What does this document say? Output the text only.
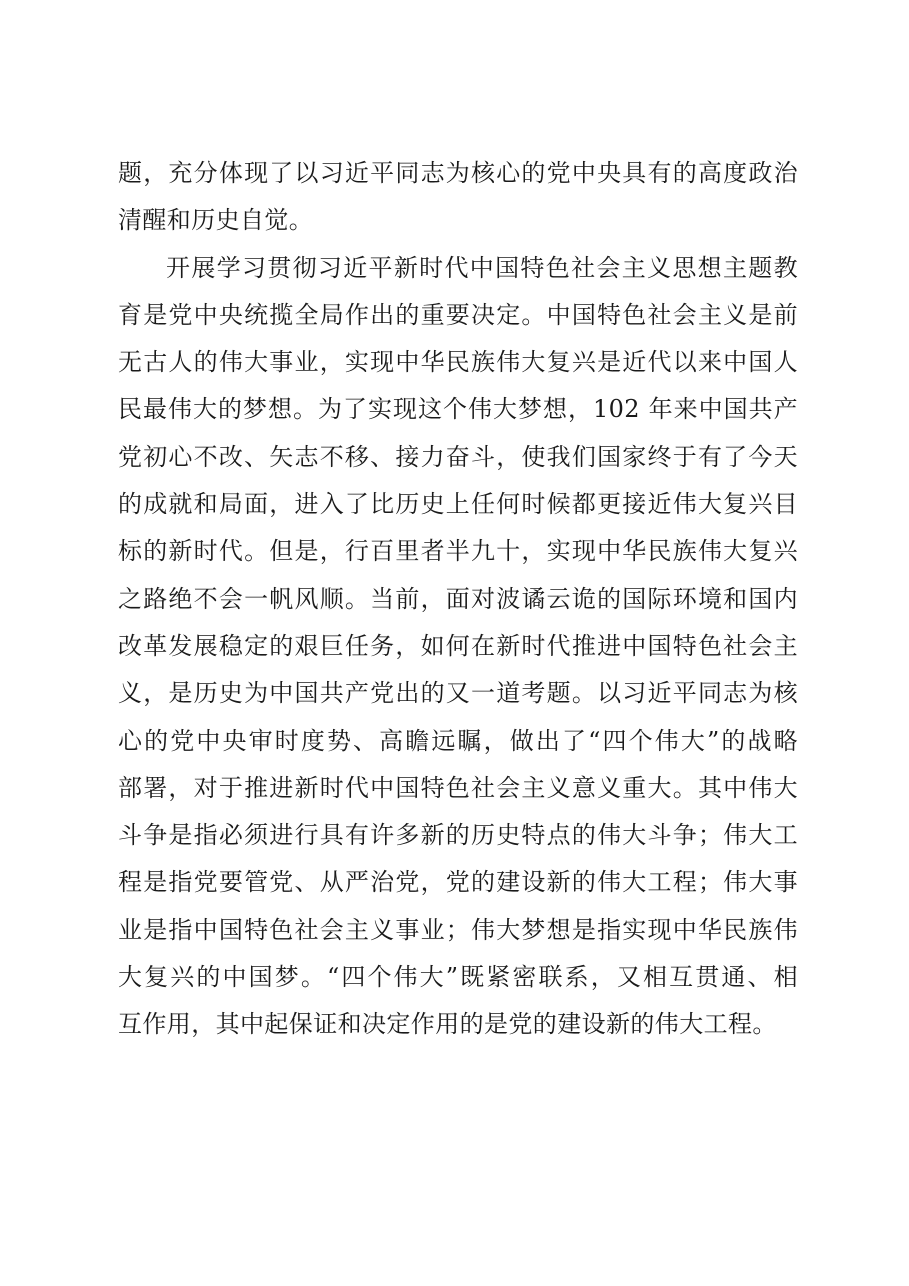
题，充分体现了以习近平同志为核心的党中央具有的高度政治
清醒和历史自觉。
开展学习贯彻习近平新时代中国特色社会主义思想主题教
育是党中央统揽全局作出的重要决定。中国特色社会主义是前
无古人的伟大事业，实现中华民族伟大复兴是近代以来中国人
民最伟大的梦想。为了实现这个伟大梦想，102 年来中国共产
党初心不改、矢志不移、接力奋斗，使我们国家终于有了今天
的成就和局面，进入了比历史上任何时候都更接近伟大复兴目
标的新时代。但是，行百里者半九十，实现中华民族伟大复兴
之路绝不会一帆风顺。当前，面对波谲云诡的国际环境和国内
改革发展稳定的艰巨任务，如何在新时代推进中国特色社会主
义，是历史为中国共产党出的又一道考题。以习近平同志为核
心的党中央审时度势、高瞻远瞩，做出了“四个伟大”的战略
部署，对于推进新时代中国特色社会主义意义重大。其中伟大
斗争是指必须进行具有许多新的历史特点的伟大斗争；伟大工
程是指党要管党、从严治党，党的建设新的伟大工程；伟大事
业是指中国特色社会主义事业；伟大梦想是指实现中华民族伟
大复兴的中国梦。“四个伟大”既紧密联系，又相互贯通、相
互作用，其中起保证和决定作用的是党的建设新的伟大工程。
